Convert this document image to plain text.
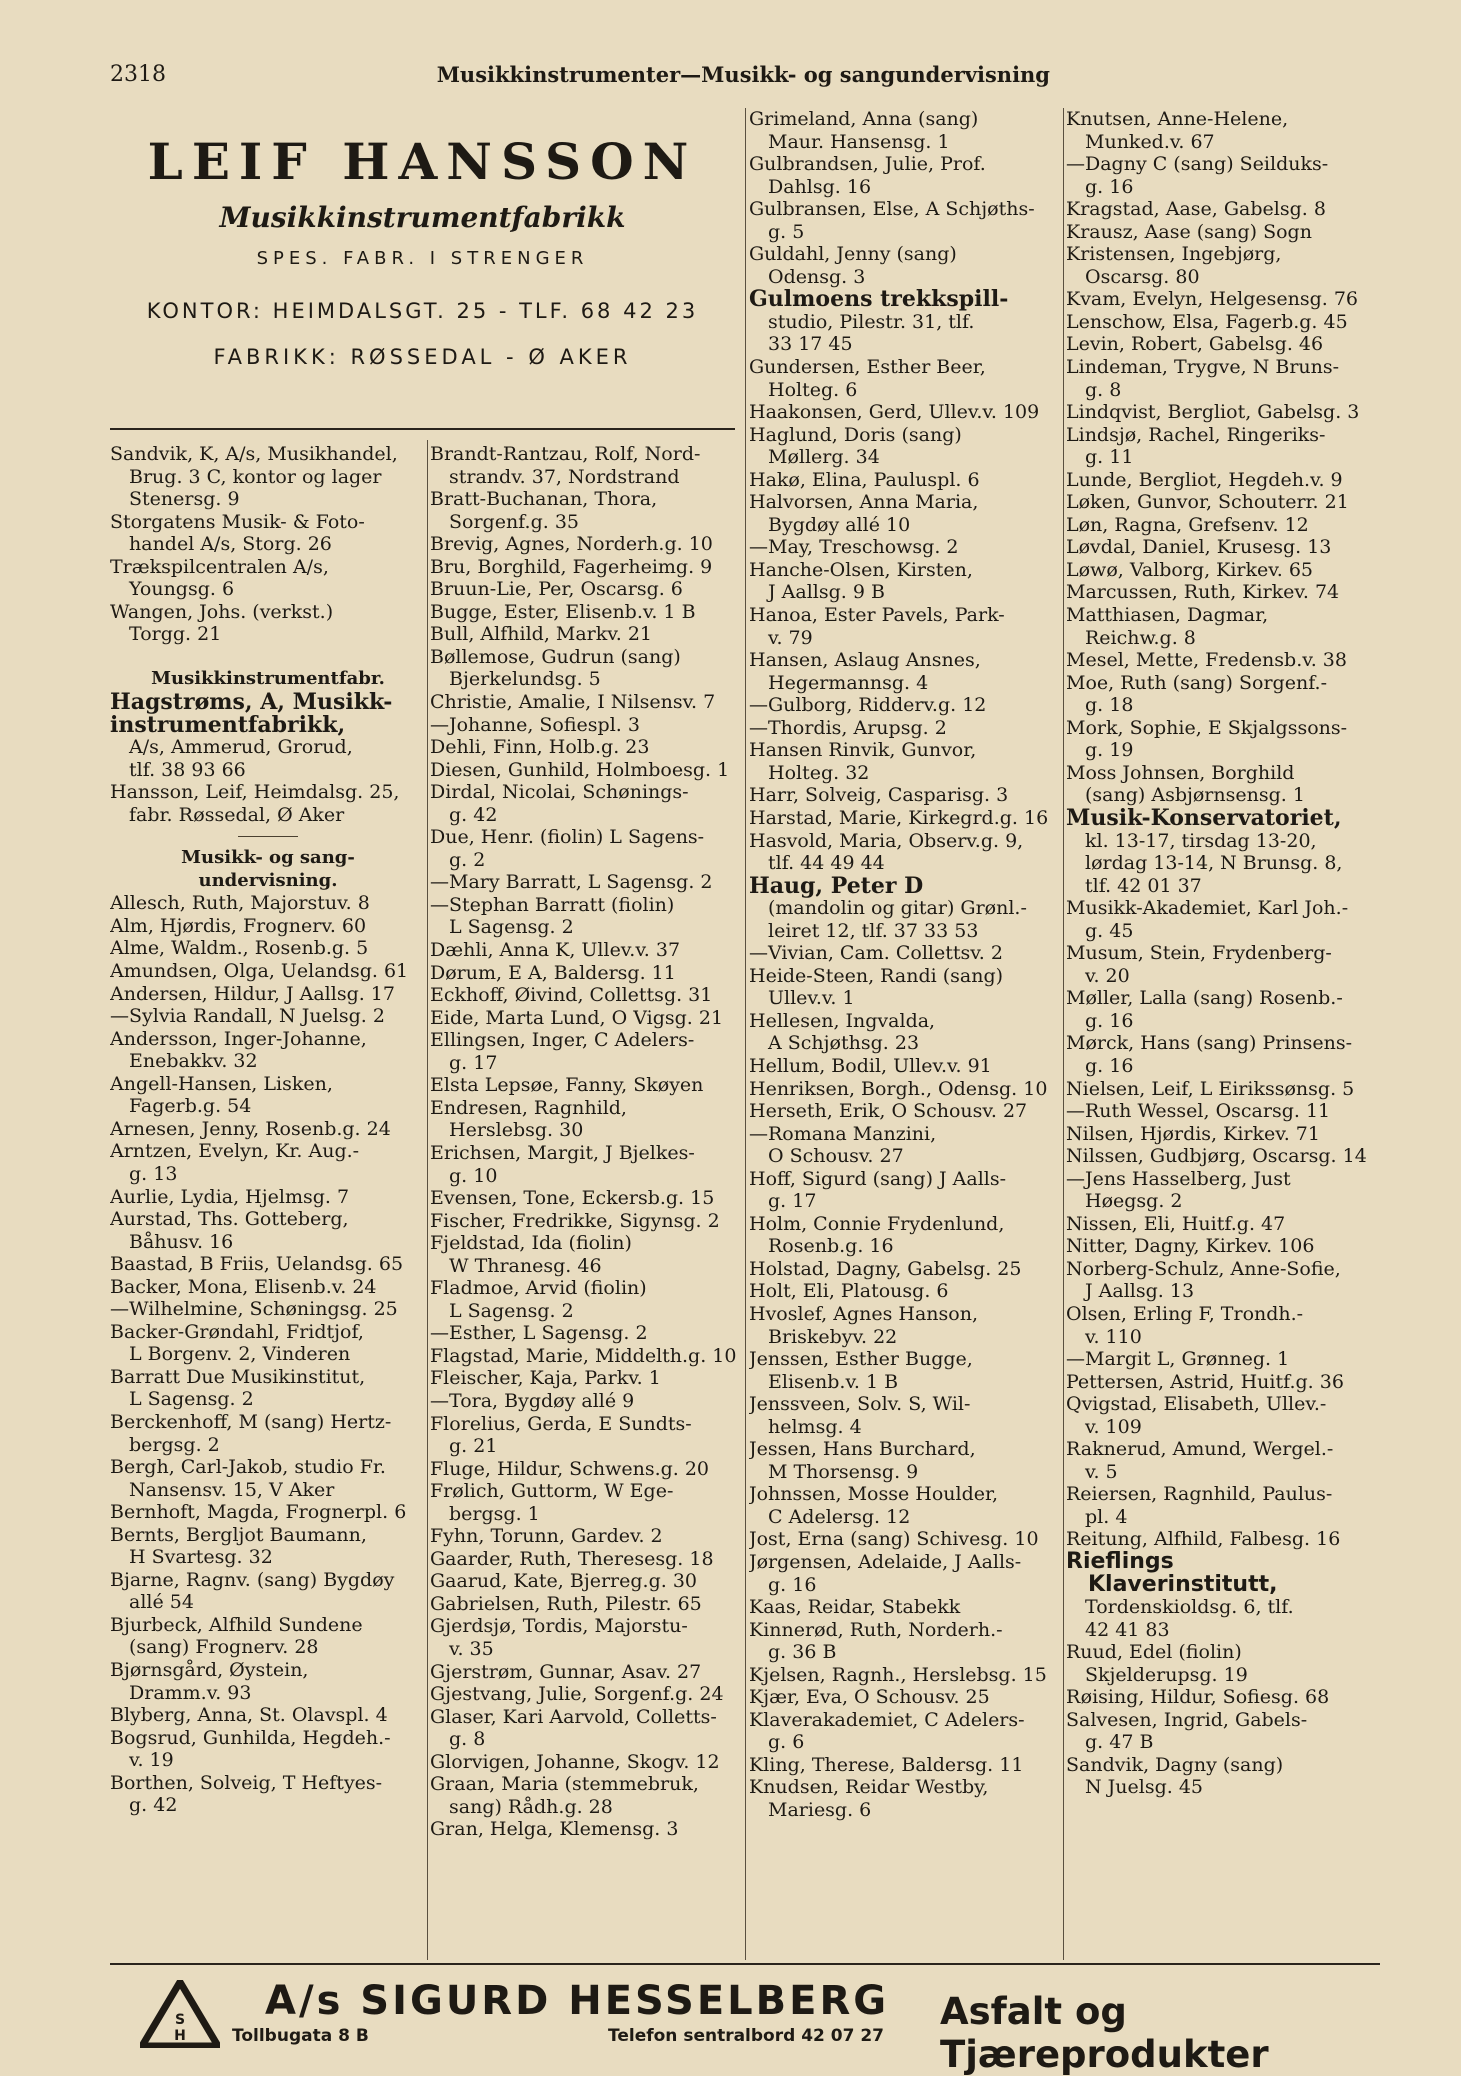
2318	Musikkinstrumenter—Musikk- og sangundervisning
LEIF HANSSON
Musikkinstrumentfabrikk
SPES. FABR. I STRENGER
KONTOR: HEIMDALSGT. 25 - TLF. 68 42 23
FABRIKK: RØSSEDAL - Ø AKER
Sandvik, K, A/s, Musikhandel,
 Brug. 3 C, kontor og lager
 Stenersg. 9
Storgatens Musik- & Foto-
 handel A/s, Storg. 26
Trækspilcentralen A/s,
 Youngsg. 6
Wangen, Johs. (verkst.)
 Torgg. 21
Musikkinstrumentfabr.
Hagstrøms, A, Musikk-
instrumentfabrikk,
 A/s, Ammerud, Grorud,
 tlf. 38 93 66
Hansson, Leif, Heimdalsg. 25,
 fabr. Røssedal, Ø Aker
Musikk- og sang-
undervisning.
Allesch, Ruth, Majorstuv. 8
Alm, Hjørdis, Frognerv. 60
Alme, Waldm., Rosenb.g. 5
Amundsen, Olga, Uelandsg. 61
Andersen, Hildur, J Aallsg. 17
—Sylvia Randall, N Juelsg. 2
Andersson, Inger-Johanne,
 Enebakkv. 32
Angell-Hansen, Lisken,
 Fagerb.g. 54
Arnesen, Jenny, Rosenb.g. 24
Arntzen, Evelyn, Kr. Aug.-
 g. 13
Aurlie, Lydia, Hjelmsg. 7
Aurstad, Ths. Gotteberg,
 Båhusv. 16
Baastad, B Friis, Uelandsg. 65
Backer, Mona, Elisenb.v. 24
—Wilhelmine, Schøningsg. 25
Backer-Grøndahl, Fridtjof,
 L Borgenv. 2, Vinderen
Barratt Due Musikinstitut,
 L Sagensg. 2
Berckenhoff, M (sang) Hertz-
 bergsg. 2
Bergh, Carl-Jakob, studio Fr.
 Nansensv. 15, V Aker
Bernhoft, Magda, Frognerpl. 6
Bernts, Bergljot Baumann,
 H Svartesg. 32
Bjarne, Ragnv. (sang) Bygdøy
 allé 54
Bjurbeck, Alfhild Sundene
 (sang) Frognerv. 28
Bjørnsgård, Øystein,
 Dramm.v. 93
Blyberg, Anna, St. Olavspl. 4
Bogsrud, Gunhilda, Hegdeh.-
 v. 19
Borthen, Solveig, T Heftyes-
 g. 42
Brandt-Rantzau, Rolf, Nord-
 strandv. 37, Nordstrand
Bratt-Buchanan, Thora,
 Sorgenf.g. 35
Brevig, Agnes, Norderh.g. 10
Bru, Borghild, Fagerheimg. 9
Bruun-Lie, Per, Oscarsg. 6
Bugge, Ester, Elisenb.v. 1 B
Bull, Alfhild, Markv. 21
Bøllemose, Gudrun (sang)
 Bjerkelundsg. 5
Christie, Amalie, I Nilsensv. 7
—Johanne, Sofiespl. 3
Dehli, Finn, Holb.g. 23
Diesen, Gunhild, Holmboesg. 1
Dirdal, Nicolai, Schønings-
 g. 42
Due, Henr. (fiolin) L Sagens-
 g. 2
—Mary Barratt, L Sagensg. 2
—Stephan Barratt (fiolin)
 L Sagensg. 2
Dæhli, Anna K, Ullev.v. 37
Dørum, E A, Baldersg. 11
Eckhoff, Øivind, Collettsg. 31
Eide, Marta Lund, O Vigsg. 21
Ellingsen, Inger, C Adelers-
 g. 17
Elsta Lepsøe, Fanny, Skøyen
Endresen, Ragnhild,
 Herslebsg. 30
Erichsen, Margit, J Bjelkes-
 g. 10
Evensen, Tone, Eckersb.g. 15
Fischer, Fredrikke, Sigynsg. 2
Fjeldstad, Ida (fiolin)
 W Thranesg. 46
Fladmoe, Arvid (fiolin)
 L Sagensg. 2
—Esther, L Sagensg. 2
Flagstad, Marie, Middelth.g. 10
Fleischer, Kaja, Parkv. 1
—Tora, Bygdøy allé 9
Florelius, Gerda, E Sundts-
 g. 21
Fluge, Hildur, Schwens.g. 20
Frølich, Guttorm, W Ege-
 bergsg. 1
Fyhn, Torunn, Gardev. 2
Gaarder, Ruth, Theresesg. 18
Gaarud, Kate, Bjerreg.g. 30
Gabrielsen, Ruth, Pilestr. 65
Gjerdsjø, Tordis, Majorstu-
 v. 35
Gjerstrøm, Gunnar, Asav. 27
Gjestvang, Julie, Sorgenf.g. 24
Glaser, Kari Aarvold, Colletts-
 g. 8
Glorvigen, Johanne, Skogv. 12
Graan, Maria (stemmebruk,
 sang) Rådh.g. 28
Gran, Helga, Klemensg. 3
Grimeland, Anna (sang)
 Maur. Hansensg. 1
Gulbrandsen, Julie, Prof.
 Dahlsg. 16
Gulbransen, Else, A Schjøths-
 g. 5
Guldahl, Jenny (sang)
 Odensg. 3
Gulmoens trekkspill-
 studio, Pilestr. 31, tlf.
 33 17 45
Gundersen, Esther Beer,
 Holteg. 6
Haakonsen, Gerd, Ullev.v. 109
Haglund, Doris (sang)
 Møllerg. 34
Hakø, Elina, Pauluspl. 6
Halvorsen, Anna Maria,
 Bygdøy allé 10
—May, Treschowsg. 2
Hanche-Olsen, Kirsten,
 J Aallsg. 9 B
Hanoa, Ester Pavels, Park-
 v. 79
Hansen, Aslaug Ansnes,
 Hegermannsg. 4
—Gulborg, Ridderv.g. 12
—Thordis, Arupsg. 2
Hansen Rinvik, Gunvor,
 Holteg. 32
Harr, Solveig, Casparisg. 3
Harstad, Marie, Kirkegrd.g. 16
Hasvold, Maria, Observ.g. 9,
 tlf. 44 49 44
Haug, Peter D
 (mandolin og gitar) Grønl.-
 leiret 12, tlf. 37 33 53
—Vivian, Cam. Collettsv. 2
Heide-Steen, Randi (sang)
 Ullev.v. 1
Hellesen, Ingvalda,
 A Schjøthsg. 23
Hellum, Bodil, Ullev.v. 91
Henriksen, Borgh., Odensg. 10
Herseth, Erik, O Schousv. 27
—Romana Manzini,
 O Schousv. 27
Hoff, Sigurd (sang) J Aalls-
 g. 17
Holm, Connie Frydenlund,
 Rosenb.g. 16
Holstad, Dagny, Gabelsg. 25
Holt, Eli, Platousg. 6
Hvoslef, Agnes Hanson,
 Briskebyv. 22
Jenssen, Esther Bugge,
 Elisenb.v. 1 B
Jenssveen, Solv. S, Wil-
 helmsg. 4
Jessen, Hans Burchard,
 M Thorsensg. 9
Johnssen, Mosse Houlder,
 C Adelersg. 12
Jost, Erna (sang) Schivesg. 10
Jørgensen, Adelaide, J Aalls-
 g. 16
Kaas, Reidar, Stabekk
Kinnerød, Ruth, Norderh.-
 g. 36 B
Kjelsen, Ragnh., Herslebsg. 15
Kjær, Eva, O Schousv. 25
Klaverakademiet, C Adelers-
 g. 6
Kling, Therese, Baldersg. 11
Knudsen, Reidar Westby,
 Mariesg. 6
Knutsen, Anne-Helene,
 Munked.v. 67
—Dagny C (sang) Seilduks-
 g. 16
Kragstad, Aase, Gabelsg. 8
Krausz, Aase (sang) Sogn
Kristensen, Ingebjørg,
 Oscarsg. 80
Kvam, Evelyn, Helgesensg. 76
Lenschow, Elsa, Fagerb.g. 45
Levin, Robert, Gabelsg. 46
Lindeman, Trygve, N Bruns-
 g. 8
Lindqvist, Bergliot, Gabelsg. 3
Lindsjø, Rachel, Ringeriks-
 g. 11
Lunde, Bergliot, Hegdeh.v. 9
Løken, Gunvor, Schouterr. 21
Løn, Ragna, Grefsenv. 12
Løvdal, Daniel, Krusesg. 13
Løwø, Valborg, Kirkev. 65
Marcussen, Ruth, Kirkev. 74
Matthiasen, Dagmar,
 Reichw.g. 8
Mesel, Mette, Fredensb.v. 38
Moe, Ruth (sang) Sorgenf.-
 g. 18
Mork, Sophie, E Skjalgssons-
 g. 19
Moss Johnsen, Borghild
 (sang) Asbjørnsensg. 1
Musik-Konservatoriet,
 kl. 13-17, tirsdag 13-20,
 lørdag 13-14, N Brunsg. 8,
 tlf. 42 01 37
Musikk-Akademiet, Karl Joh.-
 g. 45
Musum, Stein, Frydenberg-
 v. 20
Møller, Lalla (sang) Rosenb.-
 g. 16
Mørck, Hans (sang) Prinsens-
 g. 16
Nielsen, Leif, L Eirikssønsg. 5
—Ruth Wessel, Oscarsg. 11
Nilsen, Hjørdis, Kirkev. 71
Nilssen, Gudbjørg, Oscarsg. 14
—Jens Hasselberg, Just
 Høegsg. 2
Nissen, Eli, Huitf.g. 47
Nitter, Dagny, Kirkev. 106
Norberg-Schulz, Anne-Sofie,
 J Aallsg. 13
Olsen, Erling F, Trondh.-
 v. 110
—Margit L, Grønneg. 1
Pettersen, Astrid, Huitf.g. 36
Qvigstad, Elisabeth, Ullev.-
 v. 109
Raknerud, Amund, Wergel.-
 v. 5
Reiersen, Ragnhild, Paulus-
 pl. 4
Reitung, Alfhild, Falbesg. 16
Rieflings
 Klaverinstitutt,
 Tordenskioldsg. 6, tlf.
 42 41 83
Ruud, Edel (fiolin)
 Skjelderupsg. 19
Røising, Hildur, Sofiesg. 68
Salvesen, Ingrid, Gabels-
 g. 47 B
Sandvik, Dagny (sang)
 N Juelsg. 45
S
H
A/s SIGURD HESSELBERG
Tollbugata 8 B	Telefon sentralbord 42 07 27
Asfalt og Tjæreprodukter
